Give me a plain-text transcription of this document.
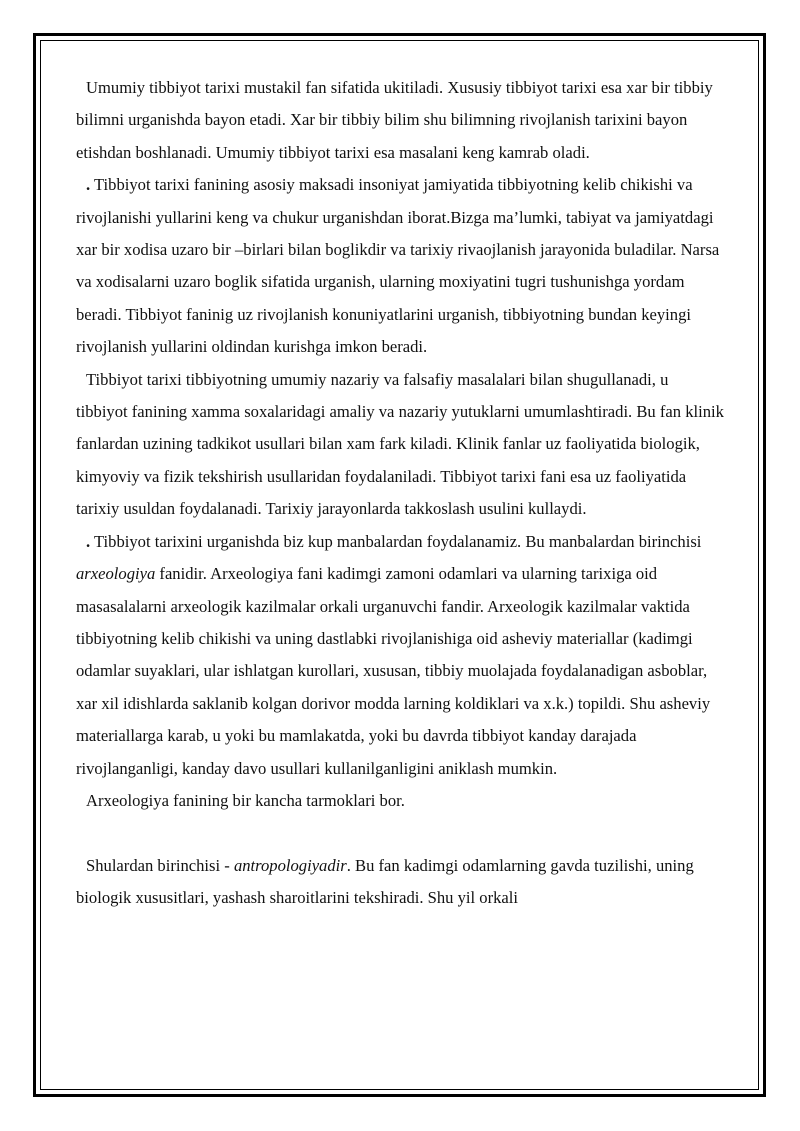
Umumiy tibbiyot tarixi mustakil fan sifatida ukitiladi. Xususiy tibbiyot tarixi esa xar bir tibbiy bilimni urganishda bayon etadi. Xar bir tibbiy bilim shu bilimning rivojlanish tarixini bayon etishdan boshlanadi. Umumiy tibbiyot tarixi esa masalani keng kamrab oladi.

. Tibbiyot tarixi fanining asosiy maksadi insoniyat jamiyatida tibbiyotning kelib chikishi va rivojlanishi yullarini keng va chukur urganishdan iborat.Bizga ma’lumki, tabiyat va jamiyatdagi xar bir xodisa uzaro bir –birlari bilan boglikdir va tarixiy rivaojlanish jarayonida buladilar. Narsa va xodisalarni uzaro boglik sifatida urganish, ularning moxiyatini tugri tushunishga yordam beradi. Tibbiyot faninig uz rivojlanish konuniyatlarini urganish, tibbiyotning bundan keyingi rivojlanish yullarini oldindan kurishga imkon beradi.

Tibbiyot tarixi tibbiyotning umumiy nazariy va falsafiy masalalari bilan shugullanadi, u tibbiyot fanining xamma soxalaridagi amaliy va nazariy yutuklarni umumlashtiradi. Bu fan klinik fanlardan uzining tadkikot usullari bilan xam fark kiladi. Klinik fanlar uz faoliyatida biologik, kimyoviy va fizik tekshirish usullaridan foydalaniladi. Tibbiyot tarixi fani esa uz faoliyatida tarixiy usuldan foydalanadi. Tarixiy jarayonlarda takkoslash usulini kullaydi.

. Tibbiyot tarixini urganishda biz kup manbalardan foydalanamiz. Bu manbalardan birinchisi arxeologiya fanidir. Arxeologiya fani kadimgi zamoni odamlari va ularning tarixiga oid masasalalarni arxeologik kazilmalar orkali urganuvchi fandir. Arxeologik kazilmalar vaktida tibbiyotning kelib chikishi va uning dastlabki rivojlanishiga oid asheviy materiallar (kadimgi odamlar suyaklari, ular ishlatgan kurollari, xususan, tibbiy muolajada foydalanadigan asboblar, xar xil idishlarda saklanib kolgan dorivor modda larning koldiklari va x.k.) topildi. Shu asheviy materiallarga karab, u yoki bu mamlakatda, yoki bu davrda tibbiyot kanday darajada rivojlanganligi, kanday davo usullari kullanilganligini aniklash mumkin.

Arxeologiya fanining bir kancha tarmoklari bor.

Shulardan birinchisi - antropologiyadir. Bu fan kadimgi odamlarning gavda tuzilishi, uning biologik xususitlari, yashash sharoitlarini tekshiradi. Shu yil orkali
